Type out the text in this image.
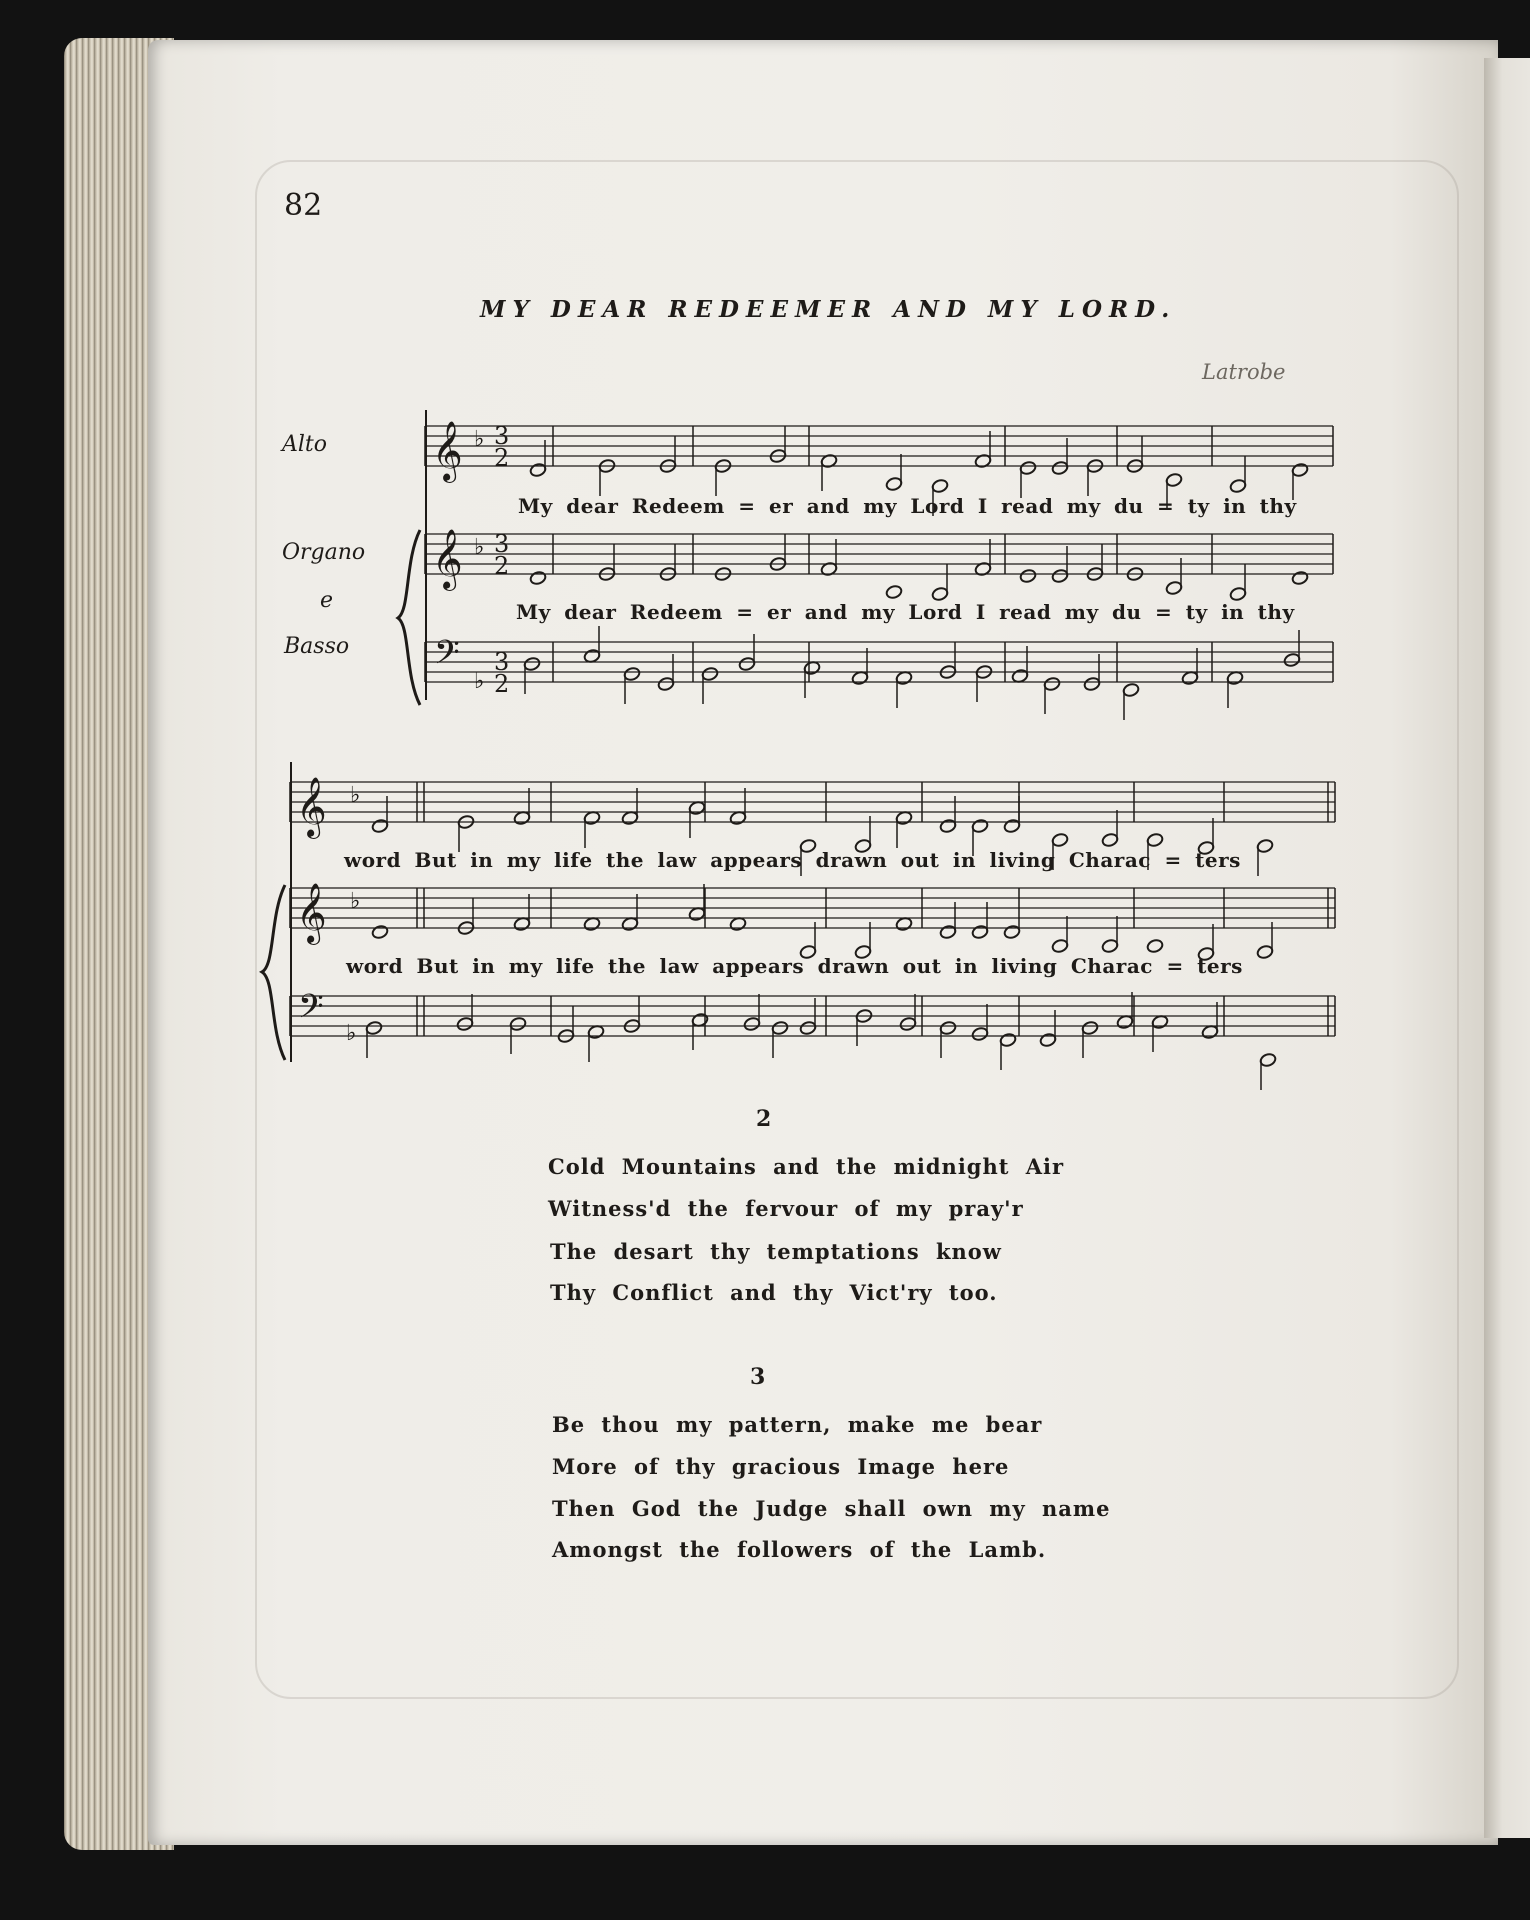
82
MY DEAR REDEEMER AND MY LORD.
Latrobe
Alto
Organo
e
Basso
𝄞 ♭ 3
2
𝄞 ♭ 3
2
𝄢
♭
3
2
𝄞 ♭
𝄞 ♭
𝄢 ♭
My dear Redeem = er and my Lord I read my du = ty in thy
My dear Redeem = er and my Lord I read my du = ty in thy
word But in my life the law appears drawn out in living Charac = ters
word But in my life the law appears drawn out in living Charac = ters
2
Cold Mountains and the midnight Air
Witness'd the fervour of my pray'r
The desart thy temptations know
Thy Conflict and thy Vict'ry too.
3
Be thou my pattern, make me bear
More of thy gracious Image here
Then God the Judge shall own my name
Amongst the followers of the Lamb.
